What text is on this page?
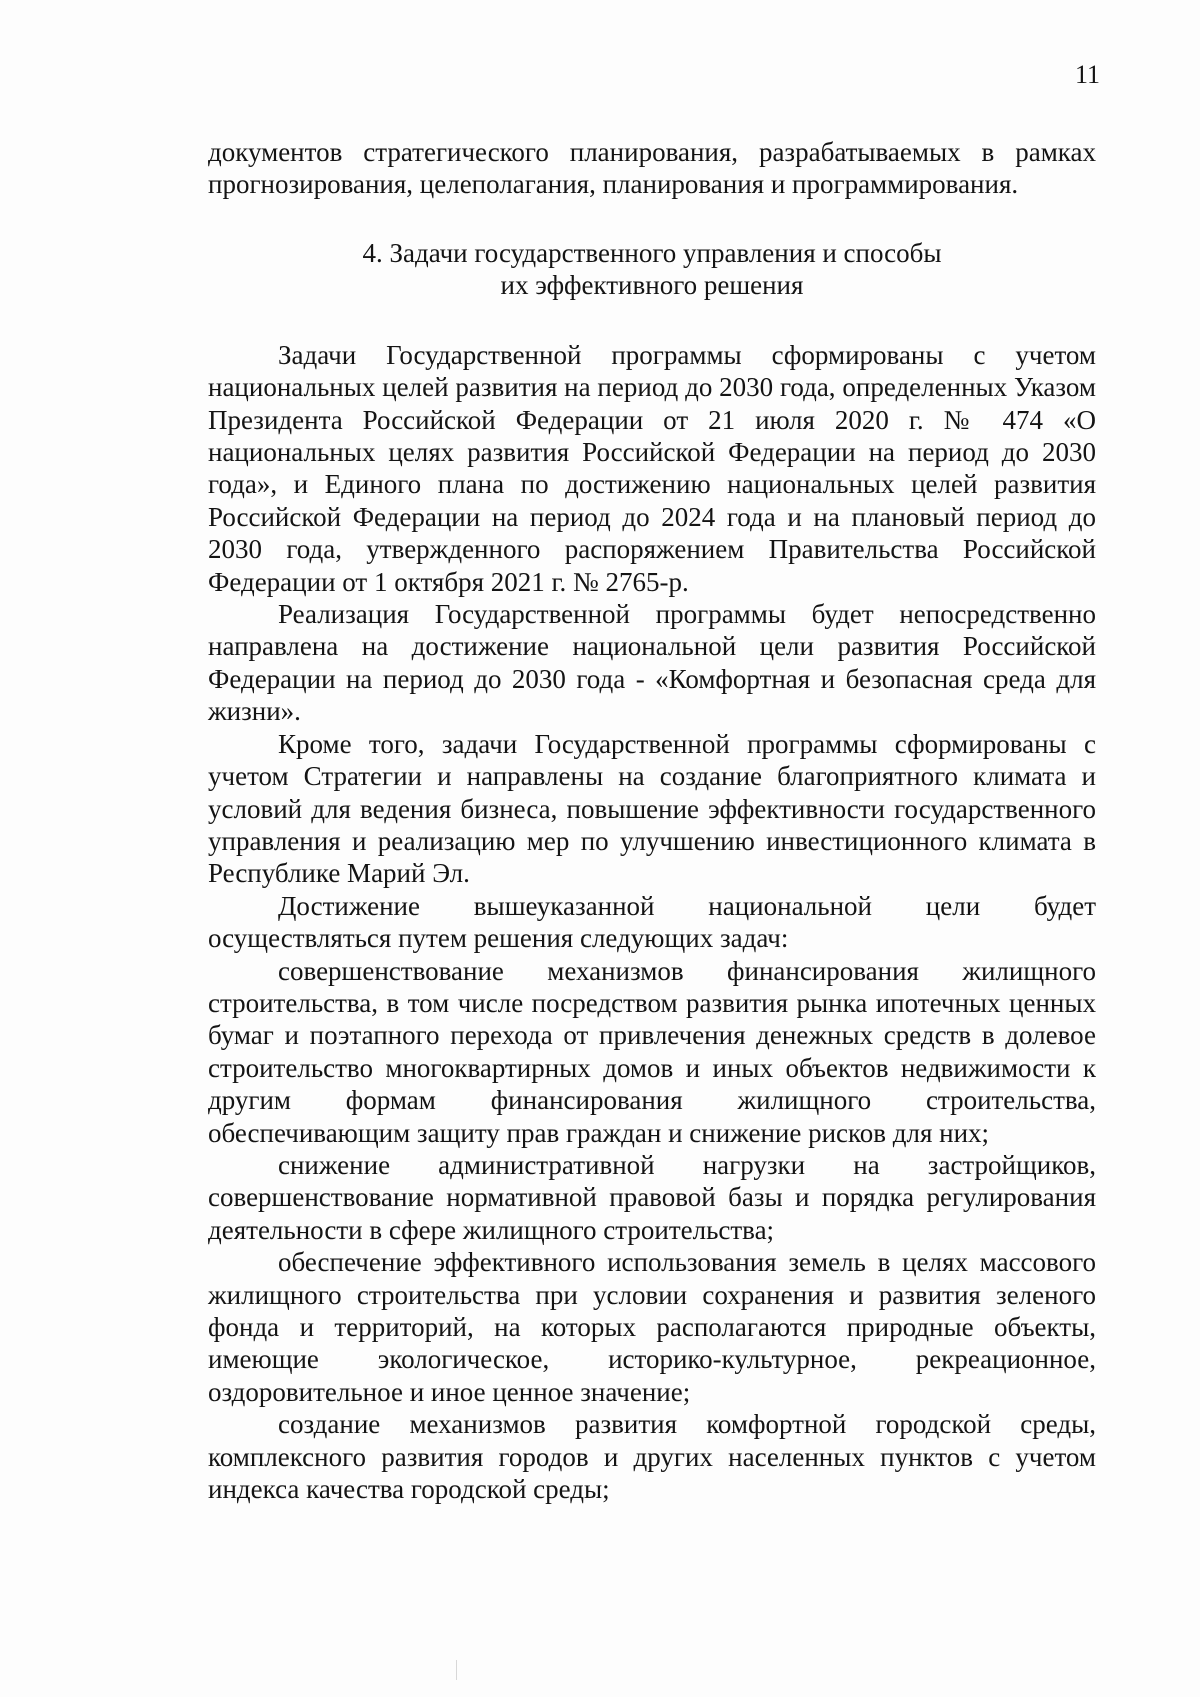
11

документов стратегического планирования, разрабатываемых в рамках прогнозирования, целеполагания, планирования и программирования.

4. Задачи государственного управления и способы
их эффективного решения

Задачи Государственной программы сформированы с учетом национальных целей развития на период до 2030 года, определенных Указом Президента Российской Федерации от 21 июля 2020 г. № 474 «О национальных целях развития Российской Федерации на период до 2030 года», и Единого плана по достижению национальных целей развития Российской Федерации на период до 2024 года и на плановый период до 2030 года, утвержденного распоряжением Правительства Российской Федерации от 1 октября 2021 г. № 2765-р.

Реализация Государственной программы будет непосредственно направлена на достижение национальной цели развития Российской Федерации на период до 2030 года - «Комфортная и безопасная среда для жизни».

Кроме того, задачи Государственной программы сформированы с учетом Стратегии и направлены на создание благоприятного климата и условий для ведения бизнеса, повышение эффективности государственного управления и реализацию мер по улучшению инвестиционного климата в Республике Марий Эл.

Достижение вышеуказанной национальной цели будет осуществляться путем решения следующих задач:

совершенствование механизмов финансирования жилищного строительства, в том числе посредством развития рынка ипотечных ценных бумаг и поэтапного перехода от привлечения денежных средств в долевое строительство многоквартирных домов и иных объектов недвижимости к другим формам финансирования жилищного строительства, обеспечивающим защиту прав граждан и снижение рисков для них;

снижение административной нагрузки на застройщиков, совершенствование нормативной правовой базы и порядка регулирования деятельности в сфере жилищного строительства;

обеспечение эффективного использования земель в целях массового жилищного строительства при условии сохранения и развития зеленого фонда и территорий, на которых располагаются природные объекты, имеющие экологическое, историко-культурное, рекреационное, оздоровительное и иное ценное значение;

создание механизмов развития комфортной городской среды, комплексного развития городов и других населенных пунктов с учетом индекса качества городской среды;
